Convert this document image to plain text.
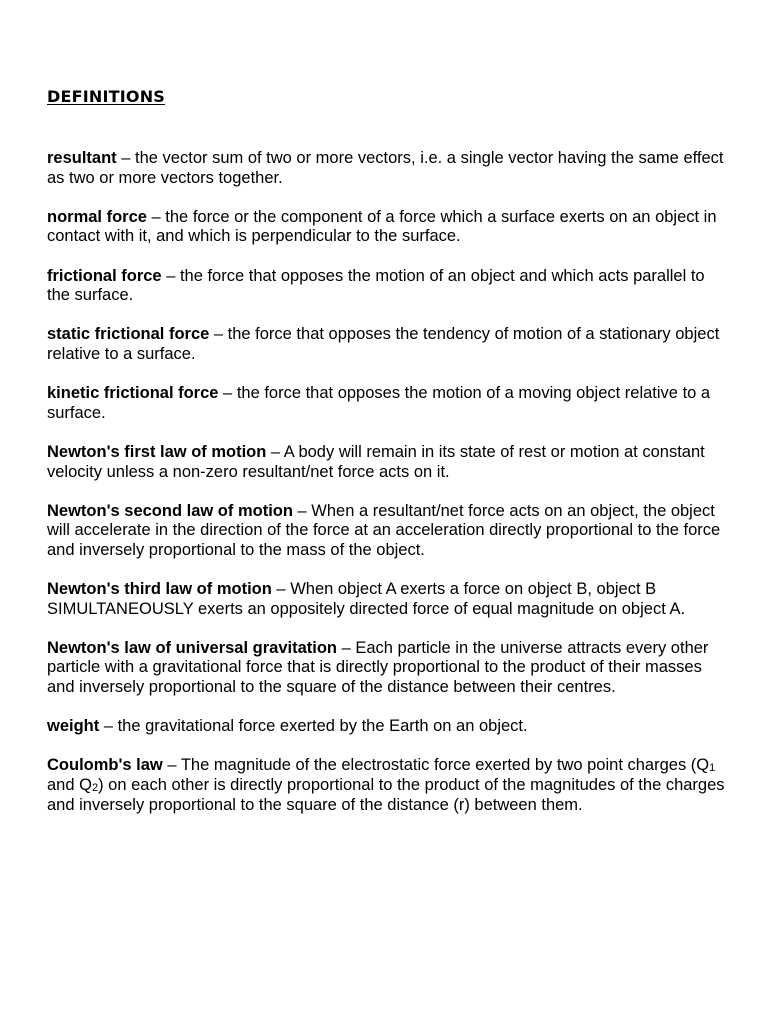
DEFINITIONS

resultant – the vector sum of two or more vectors, i.e. a single vector having the same effect as two or more vectors together.

normal force – the force or the component of a force which a surface exerts on an object in contact with it, and which is perpendicular to the surface.

frictional force – the force that opposes the motion of an object and which acts parallel to the surface.

static frictional force – the force that opposes the tendency of motion of a stationary object relative to a surface.

kinetic frictional force – the force that opposes the motion of a moving object relative to a surface.

Newton's first law of motion – A body will remain in its state of rest or motion at constant velocity unless a non-zero resultant/net force acts on it.

Newton's second law of motion – When a resultant/net force acts on an object, the object will accelerate in the direction of the force at an acceleration directly proportional to the force and inversely proportional to the mass of the object.

Newton's third law of motion – When object A exerts a force on object B, object B SIMULTANEOUSLY exerts an oppositely directed force of equal magnitude on object A.

Newton's law of universal gravitation – Each particle in the universe attracts every other particle with a gravitational force that is directly proportional to the product of their masses and inversely proportional to the square of the distance between their centres.

weight – the gravitational force exerted by the Earth on an object.

Coulomb's law – The magnitude of the electrostatic force exerted by two point charges ($Q_1$ and $Q_2$) on each other is directly proportional to the product of the magnitudes of the charges and inversely proportional to the square of the distance (r) between them.
